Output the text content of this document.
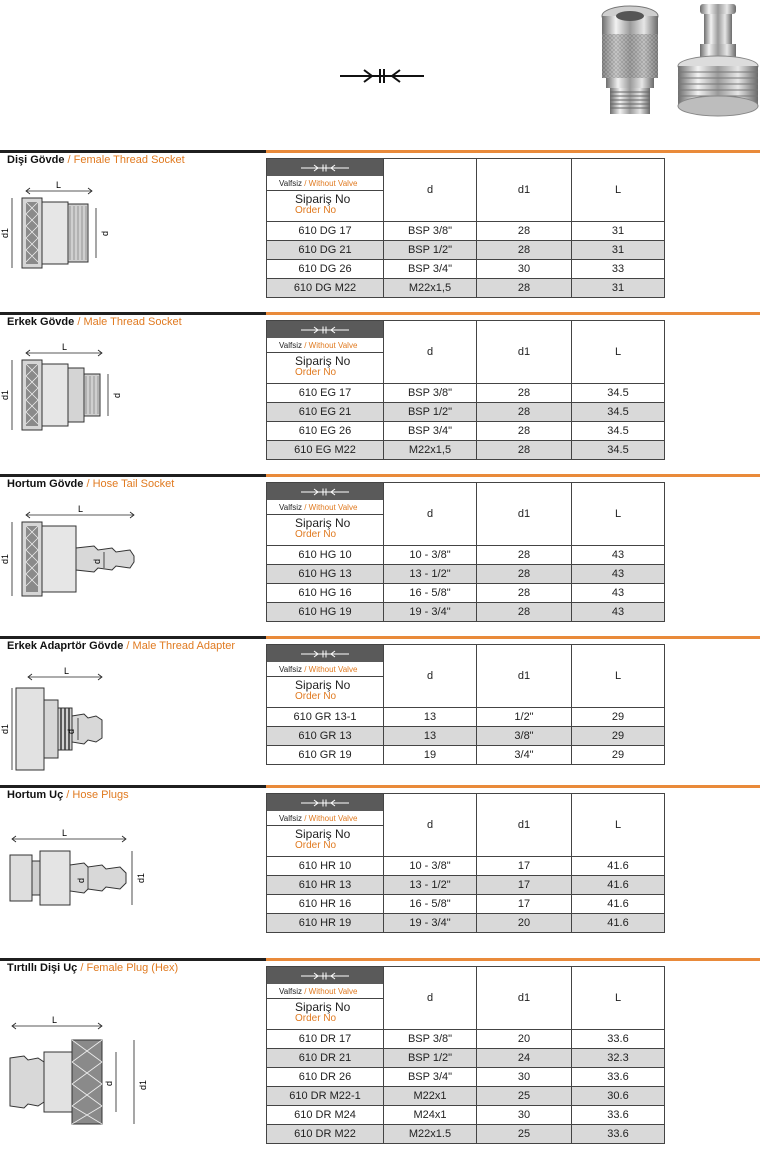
Dişi Gövde / Female Thread Socket
L
d1	d
Valfsiz / Without Valve
Sipariş No
Order No	d	d1	L
610 DG 17	BSP 3/8"	28	31
610 DG 21	BSP 1/2"	28	31
610 DG 26	BSP 3/4"	30	33
610 DG M22	M22x1,5	28	31
Erkek Gövde / Male Thread Socket
L
d1	d
Valfsiz / Without Valve
Sipariş No
Order No	d	d1	L
610 EG 17	BSP 3/8"	28	34.5
610 EG 21	BSP 1/2"	28	34.5
610 EG 26	BSP 3/4"	28	34.5
610 EG M22	M22x1,5	28	34.5
Hortum Gövde / Hose Tail Socket
L
d1	d
Valfsiz / Without Valve
Sipariş No
Order No	d	d1	L
610 HG 10	10 - 3/8"	28	43
610 HG 13	13 - 1/2"	28	43
610 HG 16	16 - 5/8"	28	43
610 HG 19	19 - 3/4"	28	43
Erkek Adaprtör Gövde / Male Thread Adapter
L
d1	d
Valfsiz / Without Valve
Sipariş No
Order No	d	d1	L
610 GR 13-1	13	1/2"	29
610 GR 13	13	3/8"	29
610 GR 19	19	3/4"	29
Hortum Uç / Hose Plugs
L
d	d1
Valfsiz / Without Valve
Sipariş No
Order No	d	d1	L
610 HR 10	10 - 3/8"	17	41.6
610 HR 13	13 - 1/2"	17	41.6
610 HR 16	16 - 5/8"	17	41.6
610 HR 19	19 - 3/4"	20	41.6
Tırtıllı Dişi Uç / Female Plug (Hex)
L
d	d1
Valfsiz / Without Valve
Sipariş No
Order No	d	d1	L
610 DR 17	BSP 3/8"	20	33.6
610 DR 21	BSP 1/2"	24	32.3
610 DR 26	BSP 3/4"	30	33.6
610 DR M22-1	M22x1	25	30.6
610 DR M24	M24x1	30	33.6
610 DR M22	M22x1.5	25	33.6
